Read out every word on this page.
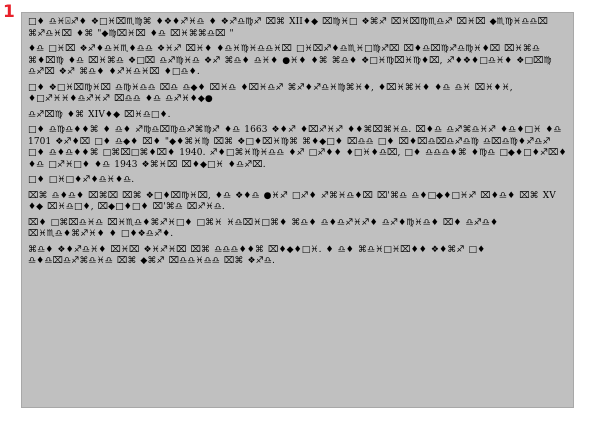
1 □♦︎ ♎︎♓︎⍓︎♐︎♦︎ ❖︎□︎♓︎⌧︎♏︎♍︎⌘︎ ♦︎❖︎♦︎♐︎♓︎♎︎ ♦︎ ❖︎♐︎♎︎♍︎♐︎ ⌧︎⌘︎ XII♦︎◆︎ ⌧︎♍︎♓︎□︎ ❖︎⌘︎♐︎ ⌧︎♓︎⌧︎♍︎♏︎♎︎♐︎ ⌧︎♓︎⌧︎ ◆︎♏︎♍︎♓︎♎︎♎︎⌧︎ ⌘︎♐︎♎︎♓︎⌧︎ ♦︎⌘︎ "◆︎♍︎⌧︎♓︎⌧︎ ♦︎♎︎ ⌧︎♓︎⌘︎⌘︎♎︎⌧︎ "

♦︎♎︎ □︎♓︎⌧︎ ❖︎♐︎♦︎♎︎♓︎♏︎♦︎♎︎♎︎ ❖︎♓︎♐︎ ⌧︎♓︎♦︎ ♦︎♎︎♓︎♍︎♓︎♎︎♎︎♓︎⌧︎ □︎♓︎⌧︎♐︎♦︎♎︎♏︎♓︎□︎♍︎♐︎⌧︎ ⌧︎♦︎♎︎⌧︎♍︎♐︎♎︎♍︎♓︎♦︎⌧︎ ⌧︎♓︎⌘︎♎︎ ⌘︎♦︎⌧︎♍︎ ♦︎♎︎ ⌧︎♓︎⌘︎♎︎ ❖︎□︎⌧︎ ♎︎♐︎♍︎♓︎♎︎ ❖︎♐︎ ⌘︎♎︎♦︎ ♎︎♓︎♦︎ ●♓︎♦︎ ♦︎⌘︎ ⌘︎♎︎♦︎ ❖︎□︎♓︎♍︎⌧︎♓︎♍︎♦︎⌧︎, ♐︎♦︎❖︎♦︎□︎♎︎♓︎♦︎ ❖︎□︎⌧︎♍︎ ♎︎♐︎⌧︎ ❖︎♐︎ ⌘︎♎︎♦︎ ♦︎♐︎♓︎♎︎♓︎⌧︎ ♦︎□︎♎︎♦︎.

□♦︎ ❖︎□︎♓︎⌧︎♍︎♓︎⌧︎ ♎︎♍︎♓︎♎︎♎︎ ⌧︎♎︎ ♎︎◆︎♦︎ ⌧︎♓︎♎︎ ♦︎⌧︎♓︎♎︎♐︎ ⌘︎♐︎♦︎♐︎♎︎♓︎♍︎⌘︎♓︎♦︎, ♦︎⌧︎♓︎⌘︎♓︎♦︎ ♦︎♎︎ ♎︎♓︎ ⌧︎♓︎♦︎♓︎, ♦︎□︎♐︎♓︎♓︎♦︎♎︎♐︎♓︎♐︎ ⌧︎♎︎♎︎ ♦︎♎︎ ♎︎♐︎♓︎♦︎◆︎●

♎︎♐︎⌧︎♍︎ ♦︎⌘︎ XIV♦︎◆︎ ⌧︎♓︎♎︎□︎♦︎.

□♦︎ ♎︎♍︎♎︎♦︎♦︎⌘︎ ♦︎ ♎︎♦︎ ♐︎♍︎♎︎⌧︎♍︎♎︎♐︎⌘︎♍︎♐︎ ♦︎♎︎ 1663 ❖︎♦︎♐︎ ♦︎⌧︎♐︎♓︎♐︎ ♦︎♦︎⌘︎⌧︎⌘︎♓︎♎︎. ⌧︎♦︎♎︎ ♎︎♐︎⌘︎♎︎♓︎♐︎ ♦︎♎︎♦︎□︎♓︎ ♦︎♎︎ 1701 ❖︎♐︎♦︎⌧︎ □︎♦︎ ♎︎◆︎♦︎ ⌧︎♦︎ "◆︎♦︎⌘︎♓︎♍︎ ⌧︎⌘︎ ❖︎□︎♦︎⌧︎♓︎♍︎⌘︎ ⌘︎♦︎◆︎□︎♦︎ ⌧︎♎︎♎︎ □︎♦︎ ⌧︎♦︎⌧︎♎︎⌧︎♎︎♐︎♎︎♍︎ ♎︎⌧︎♎︎♍︎♦︎♐︎♎︎♐︎ □︎♦︎ ♎︎♦︎♎︎♦︎♦︎⌘︎ □︎⌘︎⌧︎□︎⌘︎♦︎⌧︎♦︎ 1940. ♐︎♦︎□︎⌘︎♓︎♍︎♓︎♎︎♎︎ ♦︎♐︎ □︎♐︎♦︎♦︎ ♦︎□︎♓︎♦︎♎︎⌧︎, □︎♦︎ ♎︎♎︎♎︎♦︎⌘︎ ♦︎♍︎♎︎ □︎◆︎♦︎□︎♦︎♐︎⌧︎♦︎ ♦︎♎︎ □︎♐︎♓︎□︎♦︎ ♦︎♎︎ 1943 ❖︎⌘︎♓︎⌧︎ ⌧︎♦︎◆︎□︎♓︎ ♦︎♎︎♐︎⌧︎.

□♦︎ □︎♓︎□︎♦︎♐︎♦︎♎︎♓︎♦︎♎︎.

⌧︎⌘︎ ♎︎♦︎♎︎♦︎ ⌧︎⌘︎⌧︎ ⌧︎⌘︎ ❖︎□︎♦︎⌧︎♍︎♓︎⌧︎, ♦︎♎︎ ❖︎♦︎♎︎ ●♓︎♐︎ □︎♐︎♦︎ ♐︎⌘︎♓︎♎︎♦︎⌧︎ ⌧︎'⌘︎♎︎ ♎︎♦︎□︎◆︎♦︎□︎♓︎♐︎ ⌧︎♦︎♎︎♦︎ ⌧︎⌘︎ XV♦︎◆︎ ⌧︎♓︎♎︎□︎♦︎, ⌧︎◆︎□︎♦︎□︎♦︎ ⌧︎'⌘︎♎︎ ⌧︎♐︎♓︎♎︎.

⌧︎♦︎ □︎⌘︎⌧︎♎︎♓︎♎︎ ⌧︎♓︎♏︎♎︎♦︎⌘︎♐︎♓︎□︎♦︎ □︎⌘︎♓︎ ♓︎♎︎⌧︎♓︎□︎⌘︎♦︎ ⌘︎♎︎♦︎ ♎︎♦︎♎︎♐︎♓︎♐︎♦︎ ♎︎♐︎♦︎♍︎♓︎♎︎♦︎ ⌧︎♦︎ ♎︎♐︎♎︎♦︎ ⌧︎♓︎♏︎♎︎♦︎⌘︎♐︎♓︎♦︎ ♦︎ □︎♦︎❖︎♎︎♐︎♦︎.

⌘︎♎︎♦︎ ❖︎♦︎♐︎♎︎♓︎♦︎ ⌧︎♓︎⌧︎ ❖︎♓︎♐︎♓︎⌧︎ ⌧︎⌘︎ ♎︎♎︎♎︎♦︎♦︎⌘︎ ⌧︎♦︎◆︎♦︎□︎♓︎. ♦︎ ♎︎♦︎ ⌘︎♎︎♓︎□︎♓︎⌧︎♦︎♦︎ ❖︎♦︎⌘︎♐︎ □︎♦︎ ♎︎♦︎♎︎⌧︎♎︎♐︎⌘︎♎︎♓︎♎︎ ⌧︎⌘︎ ◆︎⌘︎♐︎ ⌧︎♎︎♎︎♓︎♎︎♎︎ ⌧︎⌘︎ ❖︎♐︎♎︎.
